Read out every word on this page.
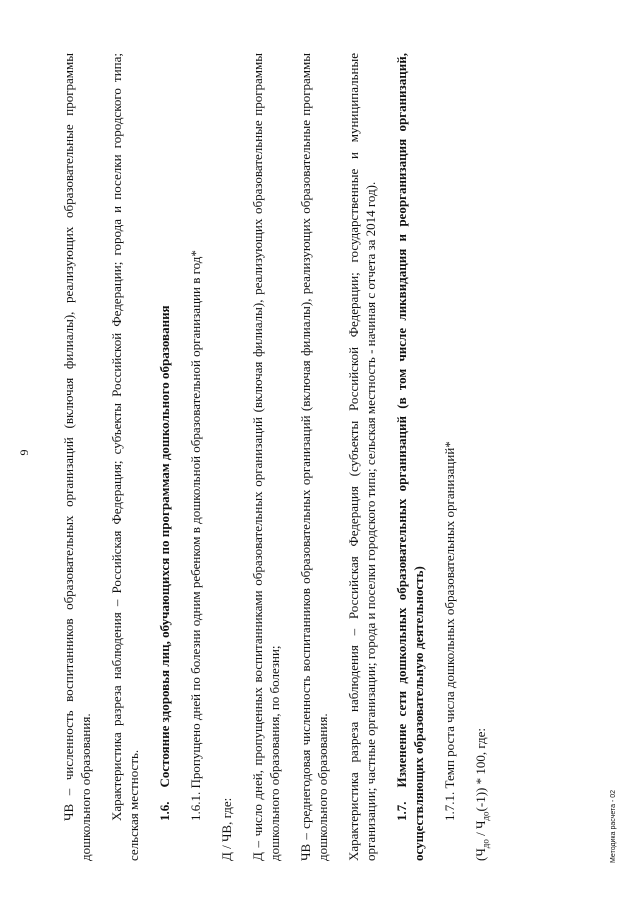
9 ЧВ – численность воспитанников образовательных организаций (включая филиалы), реализующих образовательные программы дошкольного образования. Характеристика разреза наблюдения – Российская Федерация; субъекты Российской Федерации; города и поселки городского типа; сельская местность. 1.6.Состояние здоровья лиц, обучающихся по программам дошкольного образования 1.6.1. Пропущено дней по болезни одним ребенком в дошкольной образовательной организации в год*

Д / ЧВ, где: Д – число дней, пропущенных воспитанниками образовательных организаций (включая филиалы), реализующих образовательные программы дошкольного образования, по болезни; ЧВ – среднегодовая численность воспитанников образовательных организаций (включая филиалы), реализующих образовательные программы дошкольного образования. Характеристика разреза наблюдения – Российская Федерация (субъекты Российской Федерации; государственные и муниципальные организации; частные организации; города и поселки городского типа; сельская местность - начиная с отчета за 2014 год). 1.7.Изменение сети дошкольных образовательных организаций (в том числе ликвидация и реорганизация организаций, осуществляющих образовательную деятельность) 1.7.1. Темп роста числа дошкольных образовательных организаций*

$(Ч_{до} / Ч_{до}(-1)) * 100$, где:

Методика расчета - 02
